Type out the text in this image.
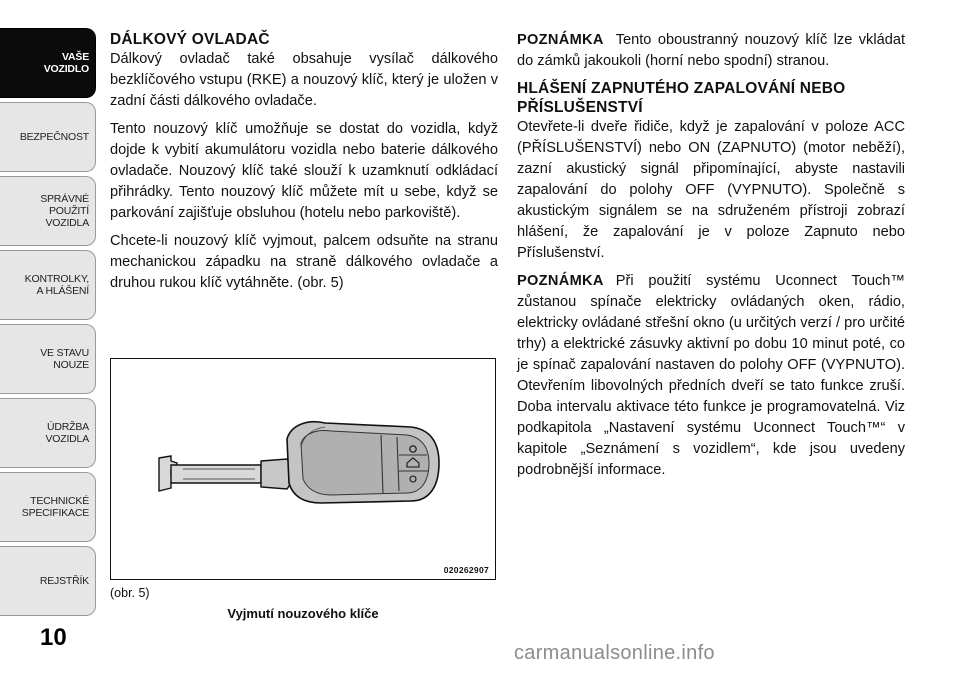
VAŠE
VOZIDLO
BEZPEČNOST
SPRÁVNÉ
POUŽITÍ
VOZIDLA
KONTROLKY,
A HLÁŠENÍ
VE STAVU
NOUZE
ÚDRŽBA
VOZIDLA
TECHNICKÉ
SPECIFIKACE
REJSTŘÍK
10
DÁLKOVÝ OVLADAČ

Dálkový ovladač také obsahuje vysílač dálkového bezklíčového vstupu (RKE) a nouzový klíč, který je uložen v zadní části dálkového ovladače.

Tento nouzový klíč umožňuje se dostat do vozidla, když dojde k vybití akumulátoru vozidla nebo baterie dálkového ovladače. Nouzový klíč také slouží k uzamknutí odkládací přihrádky. Tento nouzový klíč můžete mít u sebe, když se parkování zajišťuje obsluhou (hotelu nebo parkoviště).

Chcete-li nouzový klíč vyjmout, palcem odsuňte na stranu mechanickou západku na straně dálkového ovladače a druhou rukou klíč vytáhněte. (obr. 5)

020262907
(obr. 5)
Vyjmutí nouzového klíče

POZNÁMKA Tento oboustranný nouzový klíč lze vkládat do zámků jakoukoli (horní nebo spodní) stranou.

HLÁŠENÍ ZAPNUTÉHO ZAPALOVÁNÍ NEBO PŘÍSLUŠENSTVÍ

Otevřete-li dveře řidiče, když je zapalování v poloze ACC (PŘÍSLUŠENSTVÍ) nebo ON (ZAPNUTO) (motor neběží), zazní akustický signál připomínající, abyste nastavili zapalování do polohy OFF (VYPNUTO). Společně s akustickým signálem se na sdruženém přístroji zobrazí hlášení, že zapalování je v poloze Zapnuto nebo Příslušenství.

POZNÁMKA Při použití systému Uconnect Touch™ zůstanou spínače elektricky ovládaných oken, rádio, elektricky ovládané střešní okno (u určitých verzí / pro určité trhy) a elektrické zásuvky aktivní po dobu 10 minut poté, co je spínač zapalování nastaven do polohy OFF (VYPNUTO). Otevřením libovolných předních dveří se tato funkce zruší. Doba intervalu aktivace této funkce je programovatelná. Viz podkapitola „Nastavení systému Uconnect Touch™“ v kapitole „Seznámení s vozidlem“, kde jsou uvedeny podrobnější informace.

carmanualsonline.info
